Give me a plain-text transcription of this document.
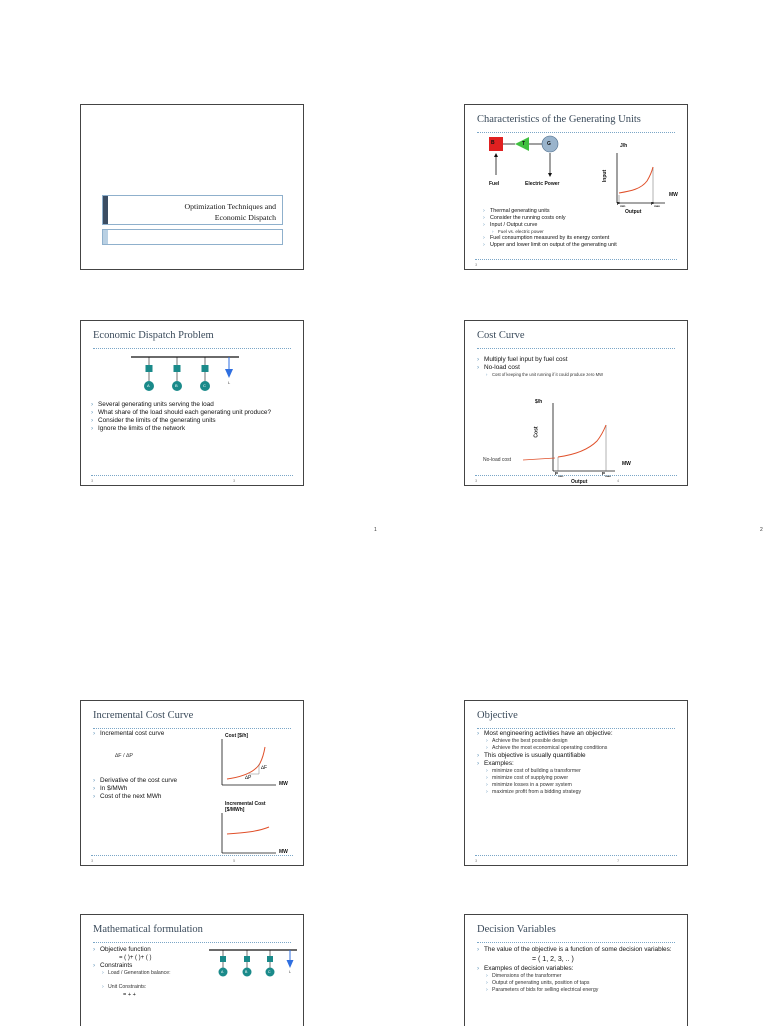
Optimization Techniques and
Economic Dispatch
Characteristics of the Generating Units
B	T	G
Fuel	Electric Power
J/h
Input
MW
Output
$P_{min}$	$P_{max}$
› Thermal generating units
› Consider the running costs only
› Input / Output curve
› Fuel vs. electric power
› Fuel consumption measured by its energy content
› Upper and lower limit on output of the generating unit
3
Economic Dispatch Problem
A	B	C
L
› Several generating units serving the load
› What share of the load should each generating unit produce?
› Consider the limits of the generating units
› Ignore the limits of the network
3	3
Cost Curve
› Multiply fuel input by fuel cost
› No-load cost
› Cost of keeping the unit running if it could produce zero MW
$/h
Cost
No-load cost
MW
Output
$P_{min}$	$P_{max}$
3	4
1	2
Incremental Cost Curve
› Incremental cost curve
∆F / ∆P
› Derivative of the cost curve
› In $/MWh
› Cost of the next MWh
Cost [$/h]
∆F
∆P
MW
Incremental Cost
[$/MWh]
MW
3	5
Objective
› Most engineering activities have an objective:
› Achieve the best possible design
› Achieve the most economical operating conditions
› This objective is usually quantifiable
› Examples:
› minimize cost of building a transformer
› minimize cost of supplying power
› minimize losses in a power system
› maximize profit from a bidding strategy
3	7
Mathematical formulation
› Objective function
= ( )+ ( )+ ( )
› Constraints
› Load / Generation balance:
› Unit Constraints:
= + +
A	B	C	L
Decision Variables
› The value of the objective is a function of some decision variables:
= ( 1, 2, 3, .. )
› Examples of decision variables:
› Dimensions of the transformer
› Output of generating units, position of taps
› Parameters of bids for selling electrical energy
